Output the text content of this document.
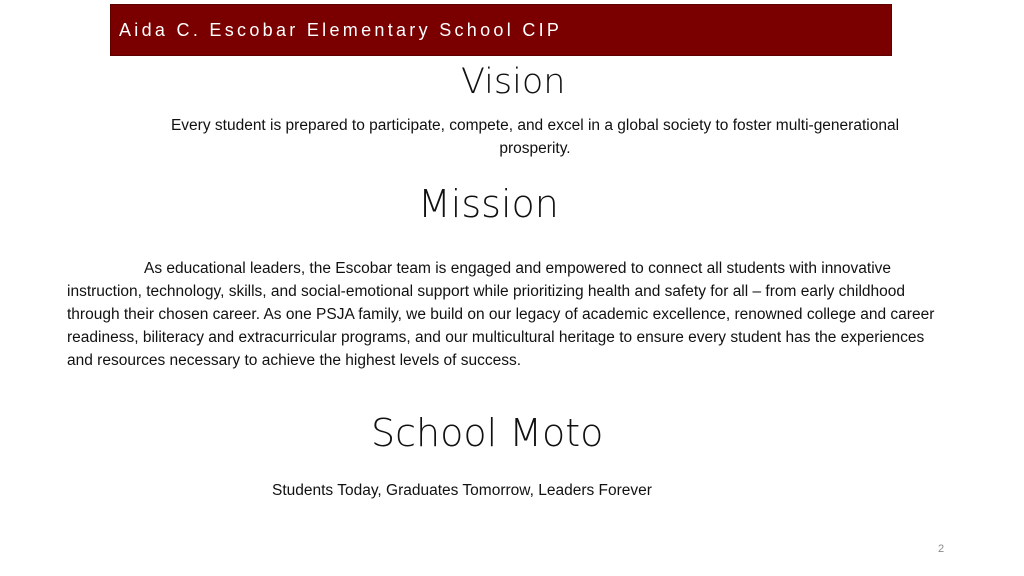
Aida C. Escobar Elementary School CIP
Vision
Every student is prepared to participate, compete, and excel in a global society to foster multi-generational prosperity.
Mission
As educational leaders, the Escobar team is engaged and empowered to connect all students with innovative instruction, technology, skills, and social-emotional support while prioritizing health and safety for all – from early childhood through their chosen career. As one PSJA family, we build on our legacy of academic excellence, renowned college and career readiness, biliteracy and extracurricular programs, and our multicultural heritage to ensure every student has the experiences and resources necessary to achieve the highest levels of success.
School Moto
Students Today, Graduates Tomorrow, Leaders Forever
2
